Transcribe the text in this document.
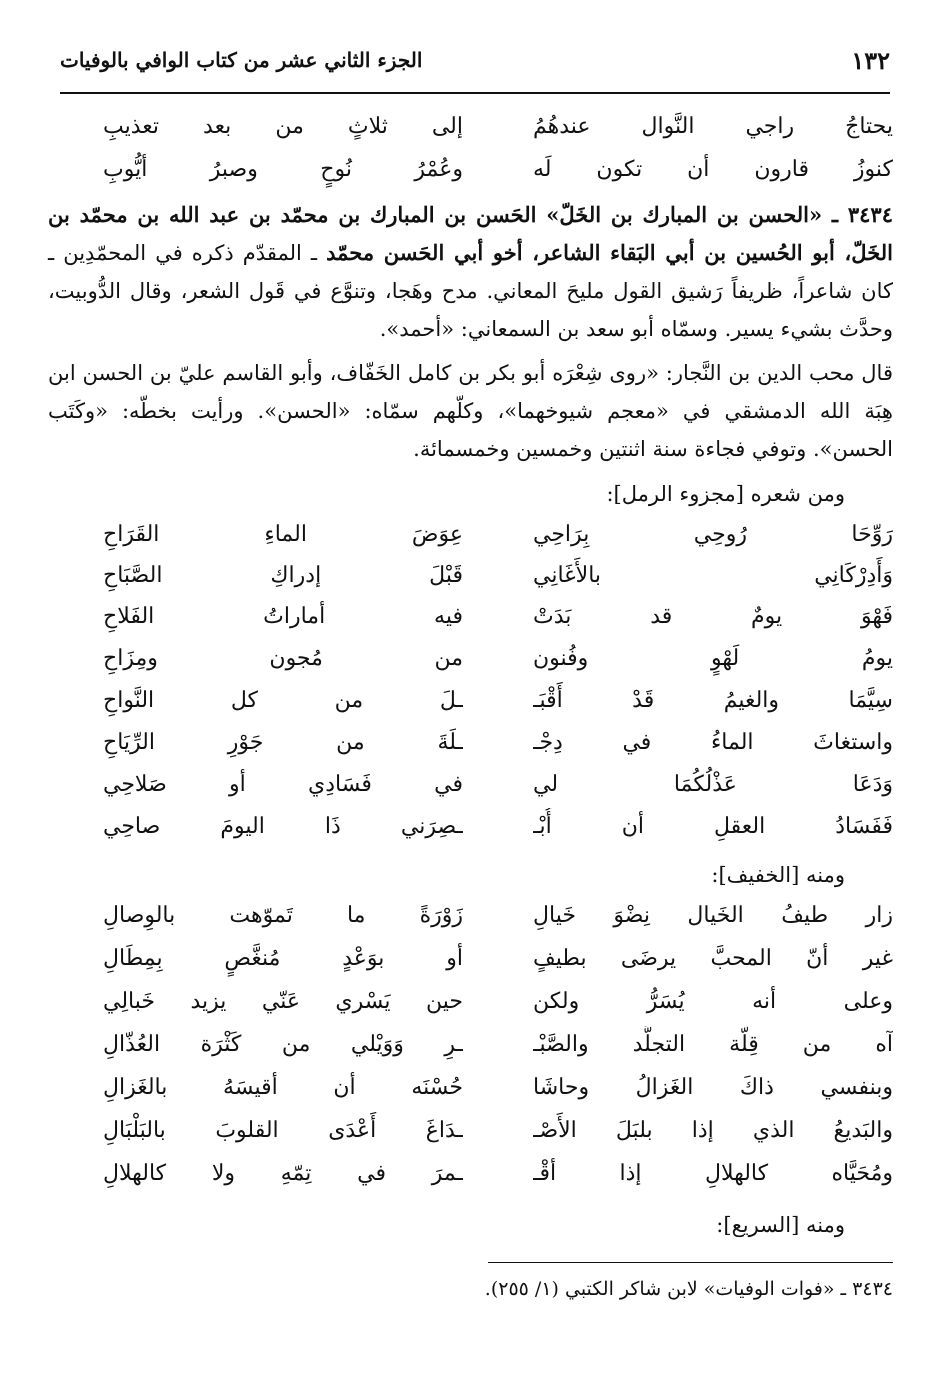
١٣٢
الجزء الثاني عشر من كتاب الوافي بالوفيات
يحتاجُ راجي النَّوال عندهُمُ
إلى ثلاثٍ من بعد تعذيبِ
كنوزُ قارون أن تكون لَه
وعُمْرُ نُوحٍ وصبرُ أيُّوبِ
٣٤٣٤ ـ «الحسن بن المبارك بن الخَلّ» الحَسن بن المبارك بن محمّد بن عبد الله بن محمّد بن الخَلّ، أبو الحُسين بن أبي البَقاء الشاعر، أخو أبي الحَسن محمّد ـ المقدّم ذكره في المحمّدِين ـ كان شاعراً، ظريفاً رَشيق القول مليحَ المعاني. مدح وهَجا، وتنوَّع في قَول الشعر، وقال الدُّوبيت، وحدَّث بشيء يسير. وسمّاه أبو سعد بن السمعاني: «أحمد».
قال محب الدين بن النَّجار: «روى شِعْرَه أبو بكر بن كامل الخَفّاف، وأبو القاسم عليّ بن الحسن ابن هِبَة الله الدمشقي في «معجم شيوخهما»، وكلّهم سمّاه: «الحسن». ورأيت بخطّه: «وكَتَب الحسن». وتوفي فجاءة سنة اثنتين وخمسين وخمسمائة.
ومن شعره [مجزوء الرمل]:
رَوِّحَا رُوحِي بِرَاحِي
عِوَضَ الماءِ القَرَاحِ
وَأَدِرْكَانِي بالأَغَانِي
قَبْلَ إدراكِ الصَّبَاحِ
فَهْوَ يومٌ قد بَدَتْ
فيه أماراتُ الفَلاحِ
يومُ لَهْوٍ وفُنون
من مُجون ومِزَاحِ
سِيَّمَا والغيمُ قَدْ أَقْبَـ
ـلَ من كل النَّواحِ
واستغاثَ الماءُ في دِجْـ
ـلَةَ من جَوْرِ الرِّيَاحِ
وَدَعَا عَذْلُكُمَا لي
في فَسَادِي أو صَلاحِي
فَفَسَادُ العقلِ أن أُبْـ
ـصِرَني ذَا اليومَ صاحِي
ومنه [الخفيف]:
زار طيفُ الخَيال نِضْوَ خَيالِ
زَوْرَةً ما تَموّهت بالوِصالِ
غير أنّ المحبَّ يرضَى بطيفٍ
أو بوَعْدٍ مُنغَّصٍ بِمِطَالِ
وعلى أنه يُسَرُّ ولكن
حين يَسْري عَنّي يزيد خَبالِي
آه من قِلّة التجلُّد والصَّبْـ
ـرِ وَوَيْلي من كَثْرَة العُذّالِ
وبنفسي ذاكَ الغَزالُ وحاشَا
حُسْنَه أن أقيسَهُ بالغَزالِ
والبَديعُ الذي إذا بلبَلَ الأَصْـ
ـدَاغَ أَعْدَى القلوبَ بالبَلْبَالِ
ومُحَيَّاه كالهلالِ إذا أقْـ
ـمرَ في تِمّهِ ولا كالهلالِ
ومنه [السريع]:
٣٤٣٤ ـ «فوات الوفيات» لابن شاكر الكتبي (١/ ٢٥٥).
